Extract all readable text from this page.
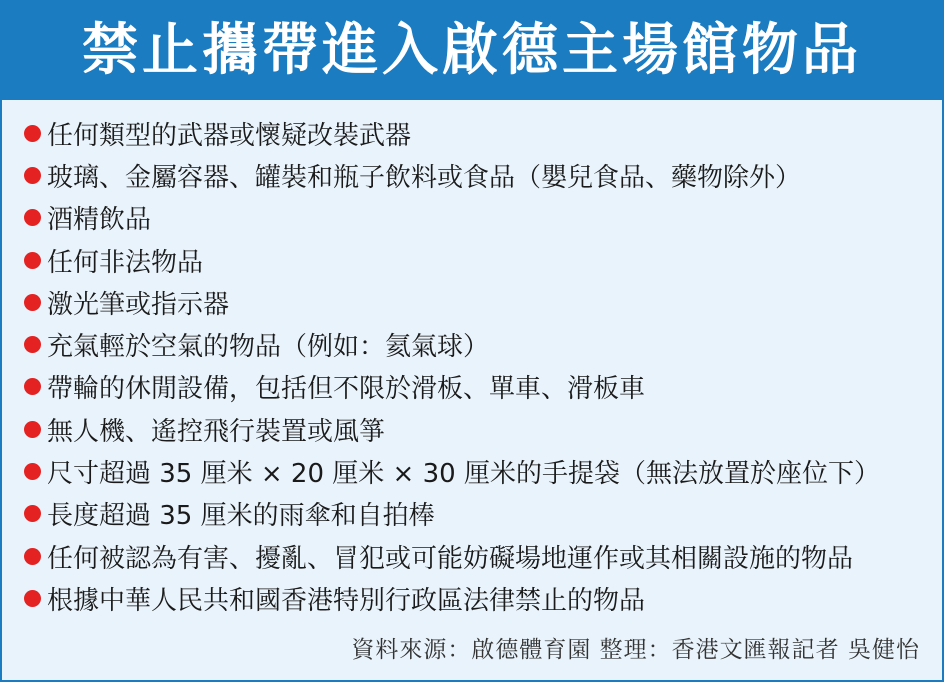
禁止攜帶進入啟德主場館物品
任何類型的武器或懷疑改裝武器
玻璃、金屬容器、罐裝和瓶子飲料或食品（嬰兒食品、藥物除外）
酒精飲品
任何非法物品
激光筆或指示器
充氣輕於空氣的物品（例如：氦氣球）
帶輪的休閒設備，包括但不限於滑板、單車、滑板車
無人機、遙控飛行裝置或風箏
尺寸超過 35 厘米 × 20 厘米 × 30 厘米的手提袋（無法放置於座位下）
長度超過 35 厘米的雨傘和自拍棒
任何被認為有害、擾亂、冒犯或可能妨礙場地運作或其相關設施的物品
根據中華人民共和國香港特別行政區法律禁止的物品
資料來源：啟德體育園 整理：香港文匯報記者 吳健怡
